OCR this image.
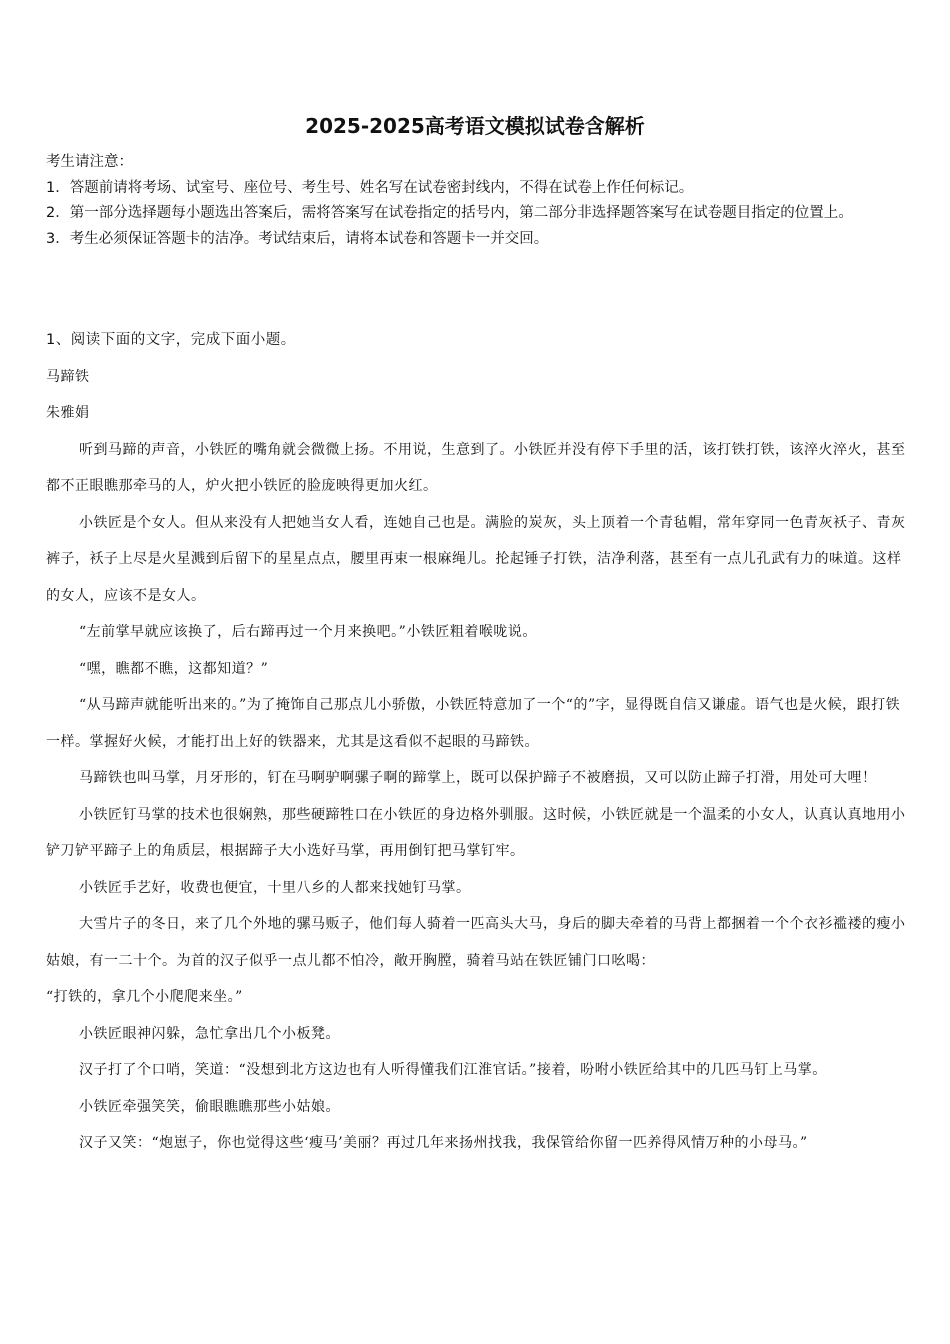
2025-2025高考语文模拟试卷含解析

考生请注意：

1．答题前请将考场、试室号、座位号、考生号、姓名写在试卷密封线内，不得在试卷上作任何标记。

2．第一部分选择题每小题选出答案后，需将答案写在试卷指定的括号内，第二部分非选择题答案写在试卷题目指定的位置上。

3．考生必须保证答题卡的洁净。考试结束后，请将本试卷和答题卡一并交回。

1、阅读下面的文字，完成下面小题。

马蹄铁

朱雅娟

听到马蹄的声音，小铁匠的嘴角就会微微上扬。不用说，生意到了。小铁匠并没有停下手里的活，该打铁打铁，该淬火淬火，甚至都不正眼瞧那牵马的人，炉火把小铁匠的脸庞映得更加火红。

小铁匠是个女人。但从来没有人把她当女人看，连她自己也是。满脸的炭灰，头上顶着一个青毡帽，常年穿同一色青灰袄子、青灰裤子，袄子上尽是火星溅到后留下的星星点点，腰里再束一根麻绳儿。抡起锤子打铁，洁净利落，甚至有一点儿孔武有力的味道。这样的女人，应该不是女人。

“左前掌早就应该换了，后右蹄再过一个月来换吧。”小铁匠粗着喉咙说。

“嘿，瞧都不瞧，这都知道？”

“从马蹄声就能听出来的。”为了掩饰自己那点儿小骄傲，小铁匠特意加了一个“的”字，显得既自信又谦虚。语气也是火候，跟打铁一样。掌握好火候，才能打出上好的铁器来，尤其是这看似不起眼的马蹄铁。

马蹄铁也叫马掌，月牙形的，钉在马啊驴啊骡子啊的蹄掌上，既可以保护蹄子不被磨损，又可以防止蹄子打滑，用处可大哩！

小铁匠钉马掌的技术也很娴熟，那些硬蹄牲口在小铁匠的身边格外驯服。这时候，小铁匠就是一个温柔的小女人，认真认真地用小铲刀铲平蹄子上的角质层，根据蹄子大小选好马掌，再用倒钉把马掌钉牢。

小铁匠手艺好，收费也便宜，十里八乡的人都来找她钉马掌。

大雪片子的冬日，来了几个外地的骡马贩子，他们每人骑着一匹高头大马，身后的脚夫牵着的马背上都捆着一个个衣衫褴褛的瘦小姑娘，有一二十个。为首的汉子似乎一点儿都不怕冷，敞开胸膛，骑着马站在铁匠铺门口吆喝：

“打铁的，拿几个小爬爬来坐。”

小铁匠眼神闪躲，急忙拿出几个小板凳。

汉子打了个口哨，笑道：“没想到北方这边也有人听得懂我们江淮官话。”接着，吩咐小铁匠给其中的几匹马钉上马掌。

小铁匠牵强笑笑，偷眼瞧瞧那些小姑娘。

汉子又笑：“炮崽子，你也觉得这些‘瘦马’美丽？再过几年来扬州找我，我保管给你留一匹养得风情万种的小母马。”
